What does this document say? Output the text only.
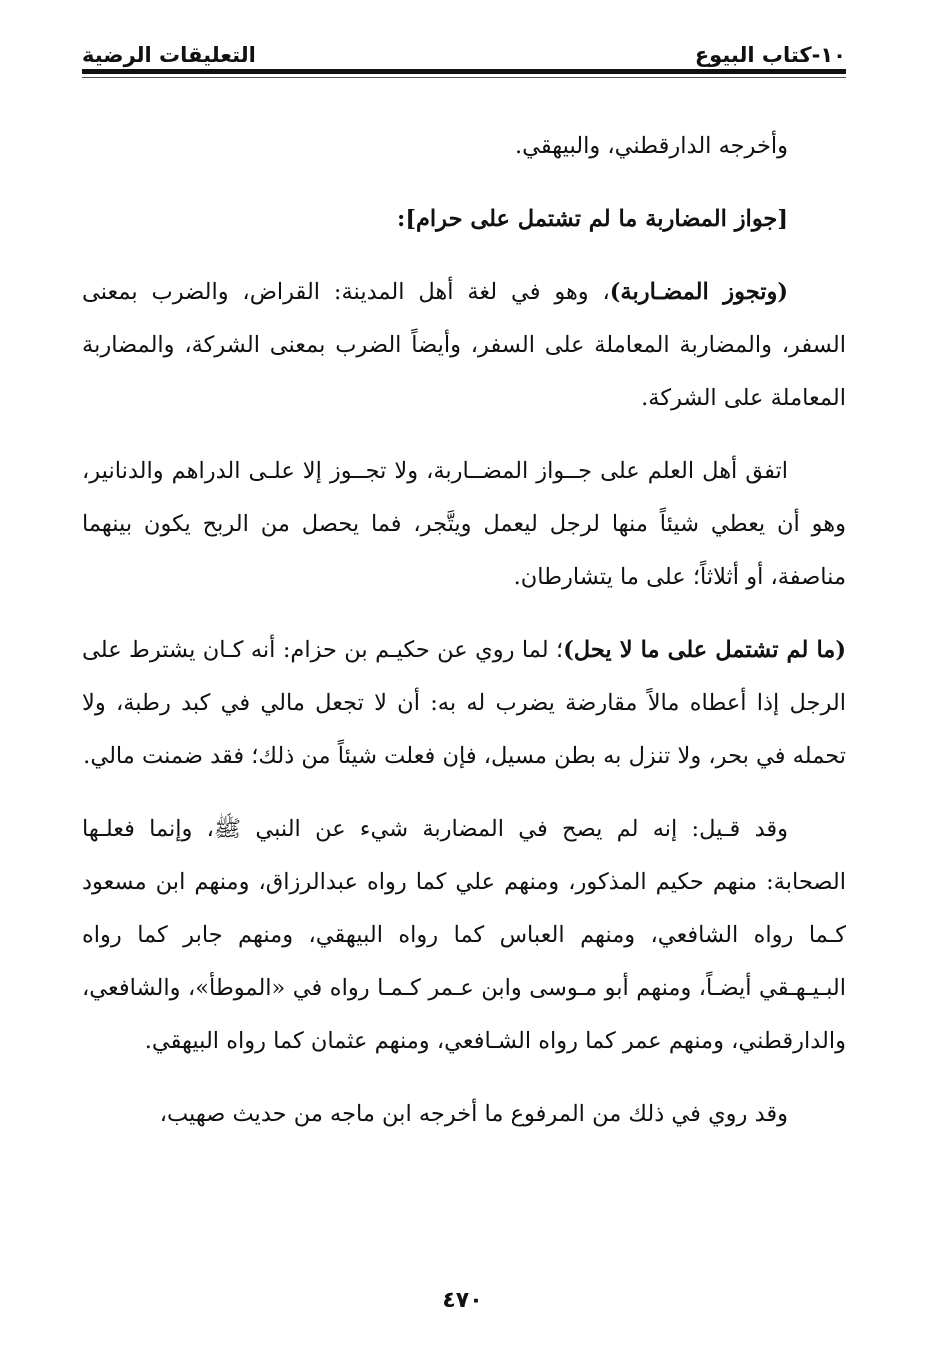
١٠-كتاب البيوع
التعليقات الرضية

وأخرجه الدارقطني، والبيهقي.

[جواز المضاربة ما لم تشتمل على حرام]:

(وتجوز المضـاربة)، وهو في لغة أهل المدينة: القراض، والضرب بمعنى السفر، والمضاربة المعاملة على السفر، وأيضاً الضرب بمعنى الشركة، والمضاربة المعاملة على الشركة.

اتفق أهل العلم على جــواز المضــاربة، ولا تجــوز إلا علـى الدراهم والدنانير، وهو أن يعطي شيئاً منها لرجل ليعمل ويتَّجر، فما يحصل من الربح يكون بينهما مناصفة، أو أثلاثاً؛ على ما يتشارطان.

(ما لم تشتمل على ما لا يحل)؛ لما روي عن حكيـم بن حزام: أنه كـان يشترط على الرجل إذا أعطاه مالاً مقارضة يضرب له به: أن لا تجعل مالي في كبد رطبة، ولا تحمله في بحر، ولا تنزل به بطن مسيل، فإن فعلت شيئاً من ذلك؛ فقد ضمنت مالي.

وقد قـيل: إنه لم يصح في المضاربة شيء عن النبي ﷺ، وإنما فعلـها الصحابة: منهم حكيم المذكور، ومنهم علي كما رواه عبدالرزاق، ومنهم ابن مسعود كـما رواه الشافعي، ومنهم العباس كما رواه البيهقي، ومنهم جابر كما رواه البـيـهـقي أيضـاً، ومنهم أبو مـوسى وابن عـمر كـمـا رواه في «الموطأ»، والشافعي، والدارقطني، ومنهم عمر كما رواه الشـافعي، ومنهم عثمان كما رواه البيهقي.

وقد روي في ذلك من المرفوع ما أخرجه ابن ماجه من حديث صهيب،

٤٧٠
